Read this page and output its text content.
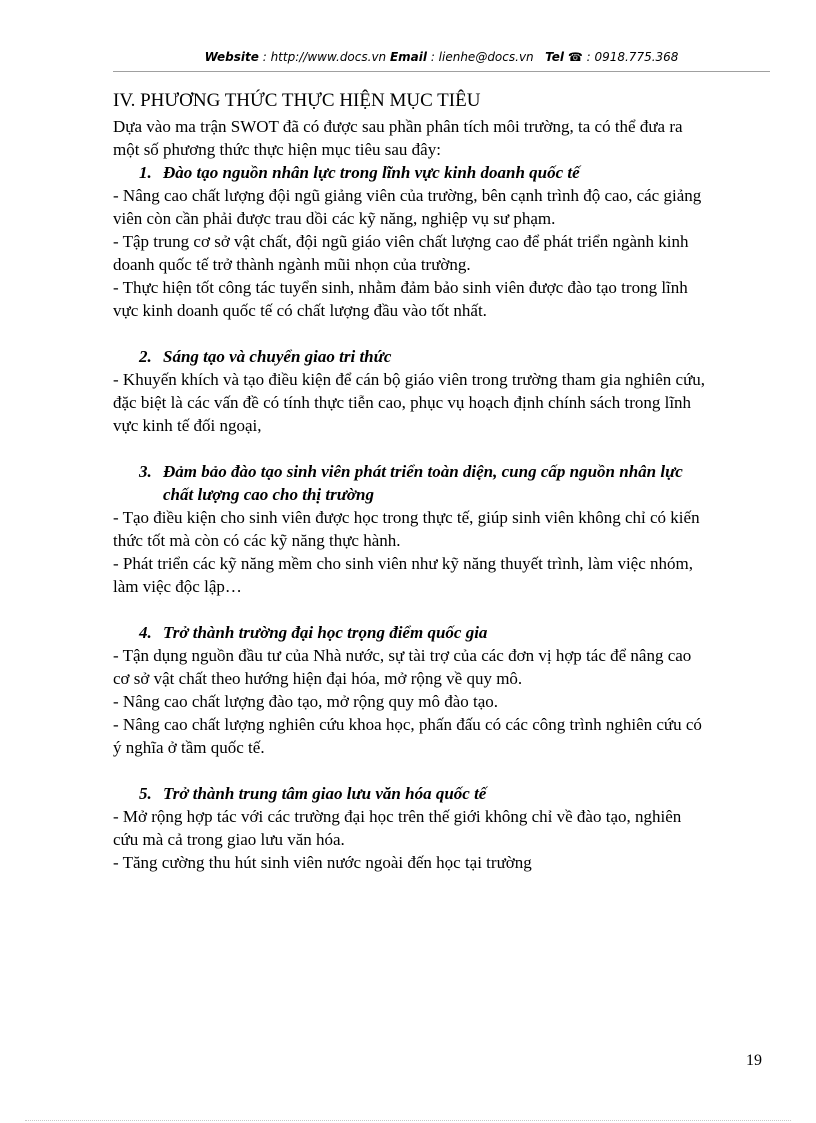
Website : http://www.docs.vn Email : lienhe@docs.vn   Tel ☎ : 0918.775.368
IV. PHƯƠNG THỨC THỰC HIỆN MỤC TIÊU

Dựa vào ma trận SWOT đã có được sau phần phân tích môi trường, ta có thể đưa ra

một số phương thức thực hiện mục tiêu sau đây:

1. Đào tạo nguồn nhân lực trong lĩnh vực kinh doanh quốc tế

- Nâng cao chất lượng đội ngũ giảng viên của trường, bên cạnh trình độ cao, các giảng

viên còn cần phải được trau dồi các kỹ năng, nghiệp vụ sư phạm.

- Tập trung cơ sở vật chất, đội ngũ giáo viên chất lượng cao để phát triển ngành kinh

doanh quốc tế trở thành ngành mũi nhọn của trường.

- Thực hiện tốt công tác tuyển sinh, nhằm đảm bảo sinh viên được đào tạo trong lĩnh

vực kinh doanh quốc tế có chất lượng đầu vào tốt nhất.

2. Sáng tạo và chuyển giao tri thức

- Khuyến khích và tạo điều kiện để cán bộ giáo viên trong trường tham gia nghiên cứu,

đặc biệt là các vấn đề có tính thực tiễn cao, phục vụ hoạch định chính sách trong lĩnh

vực kinh tế đối ngoại,

3. Đảm bảo đào tạo sinh viên phát triển toàn diện, cung cấp nguồn nhân lực
chất lượng cao cho thị trường

- Tạo điều kiện cho sinh viên được học trong thực tế, giúp sinh viên không chỉ có kiến

thức tốt mà còn có các kỹ năng thực hành.

- Phát triển các kỹ năng mềm cho sinh viên như kỹ năng thuyết trình, làm việc nhóm,

làm việc độc lập…

4. Trở thành trường đại học trọng điểm quốc gia

- Tận dụng nguồn đầu tư của Nhà nước, sự tài trợ của các đơn vị hợp tác để nâng cao

cơ sở vật chất theo hướng hiện đại hóa, mở rộng về quy mô.

- Nâng cao chất lượng đào tạo, mở rộng quy mô đào tạo.

- Nâng cao chất lượng nghiên cứu khoa học, phấn đấu có các công trình nghiên cứu có

ý nghĩa ở tầm quốc tế.

5. Trở thành trung tâm giao lưu văn hóa quốc tế

- Mở rộng hợp tác với các trường đại học trên thế giới không chỉ về đào tạo, nghiên

cứu mà cả trong giao lưu văn hóa.

- Tăng cường thu hút sinh viên nước ngoài đến học tại trường

19
